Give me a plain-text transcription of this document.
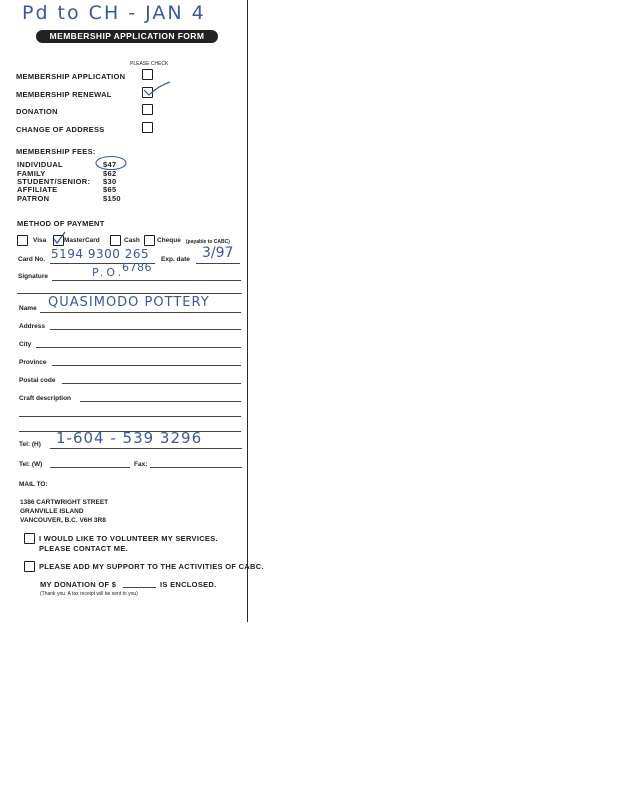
Pd to CH - JAN 4
MEMBERSHIP APPLICATION FORM
PLEASE CHECK
MEMBERSHIP APPLICATION
MEMBERSHIP RENEWAL
DONATION
CHANGE OF ADDRESS
MEMBERSHIP FEES:
INDIVIDUAL	$47
FAMILY	$62
STUDENT/SENIOR: $30
AFFILIATE	$65
PATRON	$150
METHOD OF PAYMENT
Visa	MasterCard	Cash	Cheque (payable to CABC)
Card No. 5194 9300 265
6786
Exp. date 3/97
Signature	P.O.
Name QUASIMODO POTTERY
Address
City
Province
Postal code
Craft description
Tel: (H) 1-604 - 539 3296
Tel: (W)	Fax:
MAIL TO:
1386 CARTWRIGHT STREET
GRANVILLE ISLAND
VANCOUVER, B.C. V6H 3R8
I WOULD LIKE TO VOLUNTEER MY SERVICES.
PLEASE CONTACT ME.
PLEASE ADD MY SUPPORT TO THE ACTIVITIES OF CABC.
MY DONATION OF $	IS ENCLOSED.
(Thank you. A tax receipt will be sent to you)
